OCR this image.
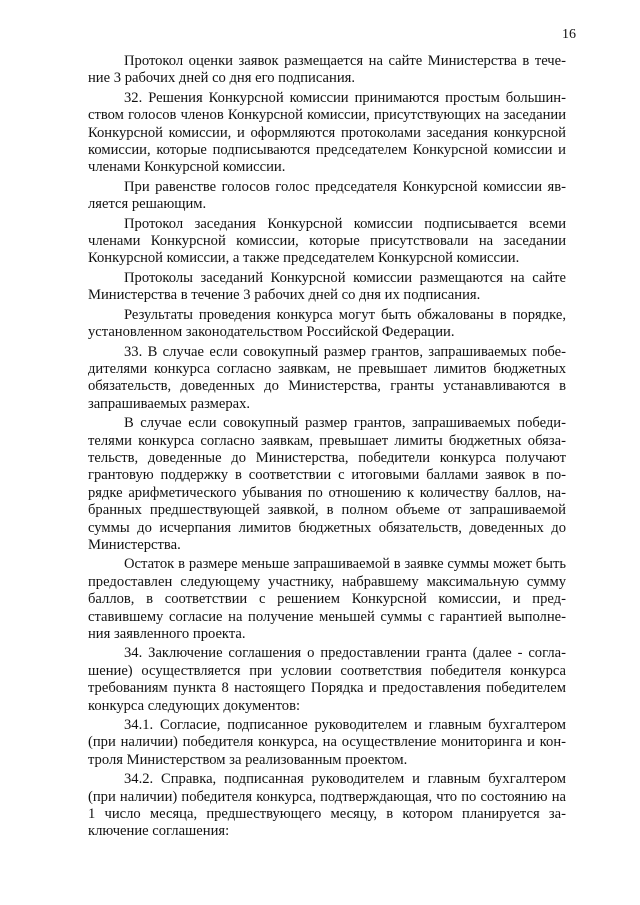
16

Протокол оценки заявок размещается на сайте Министерства в течение 3 рабочих дней со дня его подписания.

32. Решения Конкурсной комиссии принимаются простым большинством голосов членов Конкурсной комиссии, присутствующих на заседании Конкурсной комиссии, и оформляются протоколами заседания конкурсной комиссии, которые подписываются председателем Конкурсной комиссии и членами Конкурсной комиссии.

При равенстве голосов голос председателя Конкурсной комиссии является решающим.

Протокол заседания Конкурсной комиссии подписывается всеми членами Конкурсной комиссии, которые присутствовали на заседании Конкурсной комиссии, а также председателем Конкурсной комиссии.

Протоколы заседаний Конкурсной комиссии размещаются на сайте Министерства в течение 3 рабочих дней со дня их подписания.

Результаты проведения конкурса могут быть обжалованы в порядке, установленном законодательством Российской Федерации.

33. В случае если совокупный размер грантов, запрашиваемых победителями конкурса согласно заявкам, не превышает лимитов бюджетных обязательств, доведенных до Министерства, гранты устанавливаются в запрашиваемых размерах.

В случае если совокупный размер грантов, запрашиваемых победителями конкурса согласно заявкам, превышает лимиты бюджетных обязательств, доведенные до Министерства, победители конкурса получают грантовую поддержку в соответствии с итоговыми баллами заявок в порядке арифметического убывания по отношению к количеству баллов, набранных предшествующей заявкой, в полном объеме от запрашиваемой суммы до исчерпания лимитов бюджетных обязательств, доведенных до Министерства.

Остаток в размере меньше запрашиваемой в заявке суммы может быть предоставлен следующему участнику, набравшему максимальную сумму баллов, в соответствии с решением Конкурсной комиссии, и представившему согласие на получение меньшей суммы с гарантией выполнения заявленного проекта.

34. Заключение соглашения о предоставлении гранта (далее - соглашение) осуществляется при условии соответствия победителя конкурса требованиям пункта 8 настоящего Порядка и предоставления победителем конкурса следующих документов:

34.1. Согласие, подписанное руководителем и главным бухгалтером (при наличии) победителя конкурса, на осуществление мониторинга и контроля Министерством за реализованным проектом.

34.2. Справка, подписанная руководителем и главным бухгалтером (при наличии) победителя конкурса, подтверждающая, что по состоянию на 1 число месяца, предшествующего месяцу, в котором планируется заключение соглашения:
